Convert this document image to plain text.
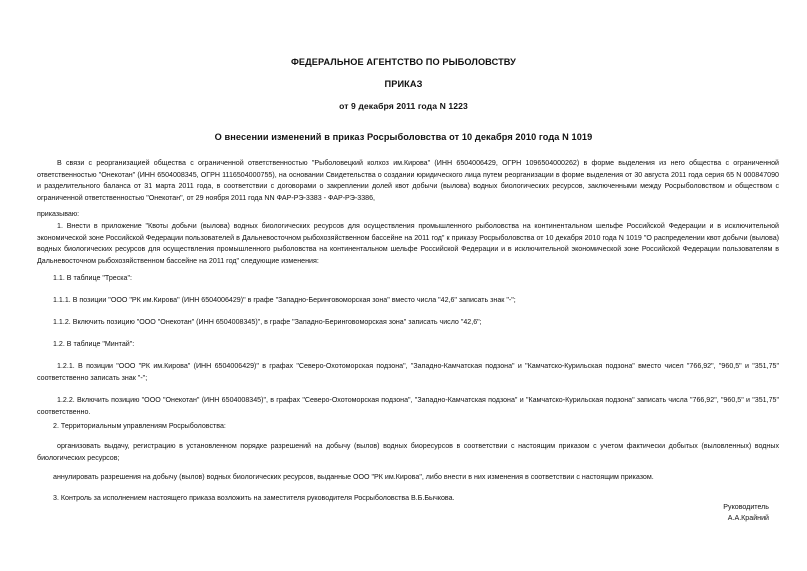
ФЕДЕРАЛЬНОЕ АГЕНТСТВО ПО РЫБОЛОВСТВУ
ПРИКАЗ
от 9 декабря 2011 года N 1223
О внесении изменений в приказ Росрыболовства от 10 декабря 2010 года N 1019

В связи с реорганизацией общества с ограниченной ответственностью "Рыболовецкий колхоз им.Кирова" (ИНН 6504006429, ОГРН 1096504000262) в форме выделения из него общества с ограниченной ответственностью "Онекотан" (ИНН 6504008345, ОГРН 1116504000755), на основании Свидетельства о создании юридического лица путем реорганизации в форме выделения от 30 августа 2011 года серия 65 N 000847090 и разделительного баланса от 31 марта 2011 года, в соответствии с договорами о закреплении долей квот добычи (вылова) водных биологических ресурсов, заключенными между Росрыболовством и обществом с ограниченной ответственностью "Онекотан", от 29 ноября 2011 года NN ФАР-РЭ-3383 - ФАР-РЭ-3386,

приказываю:

1. Внести в приложение "Квоты добычи (вылова) водных биологических ресурсов для осуществления промышленного рыболовства на континентальном шельфе Российской Федерации и в исключительной экономической зоне Российской Федерации пользователей в Дальневосточном рыбохозяйственном бассейне на 2011 год" к приказу Росрыболовства от 10 декабря 2010 года N 1019 "О распределении квот добычи (вылова) водных биологических ресурсов для осуществления промышленного рыболовства на континентальном шельфе Российской Федерации и в исключительной экономической зоне Российской Федерации пользователям в Дальневосточном рыбохозяйственном бассейне на 2011 год" следующие изменения:

1.1. В таблице "Треска":

1.1.1. В позиции "ООО "РК им.Кирова" (ИНН 6504006429)" в графе "Западно-Беринговоморская зона" вместо числа "42,6" записать знак "-";

1.1.2. Включить позицию "ООО "Онекотан" (ИНН 6504008345)", в графе "Западно-Беринговоморская зона" записать число "42,6";

1.2. В таблице "Минтай":

1.2.1. В позиции "ООО "РК им.Кирова" (ИНН 6504006429)" в графах "Северо-Охотоморская подзона", "Западно-Камчатская подзона" и "Камчатско-Курильская подзона" вместо чисел "766,92", "960,5" и "351,75" соответственно записать знак "-";

1.2.2. Включить позицию "ООО "Онекотан" (ИНН 6504008345)", в графах "Северо-Охотоморская подзона", "Западно-Камчатская подзона" и "Камчатско-Курильская подзона" записать числа "766,92", "960,5" и "351,75" соответственно.

2. Территориальным управлениям Росрыболовства:

организовать выдачу, регистрацию в установленном порядке разрешений на добычу (вылов) водных биоресурсов в соответствии с настоящим приказом с учетом фактически добытых (выловленных) водных биологических ресурсов;

аннулировать разрешения на добычу (вылов) водных биологических ресурсов, выданные ООО "РК им.Кирова", либо внести в них изменения в соответствии с настоящим приказом.

3. Контроль за исполнением настоящего приказа возложить на заместителя руководителя Росрыболовства В.Б.Бычкова.

Руководитель
А.А.Крайний
